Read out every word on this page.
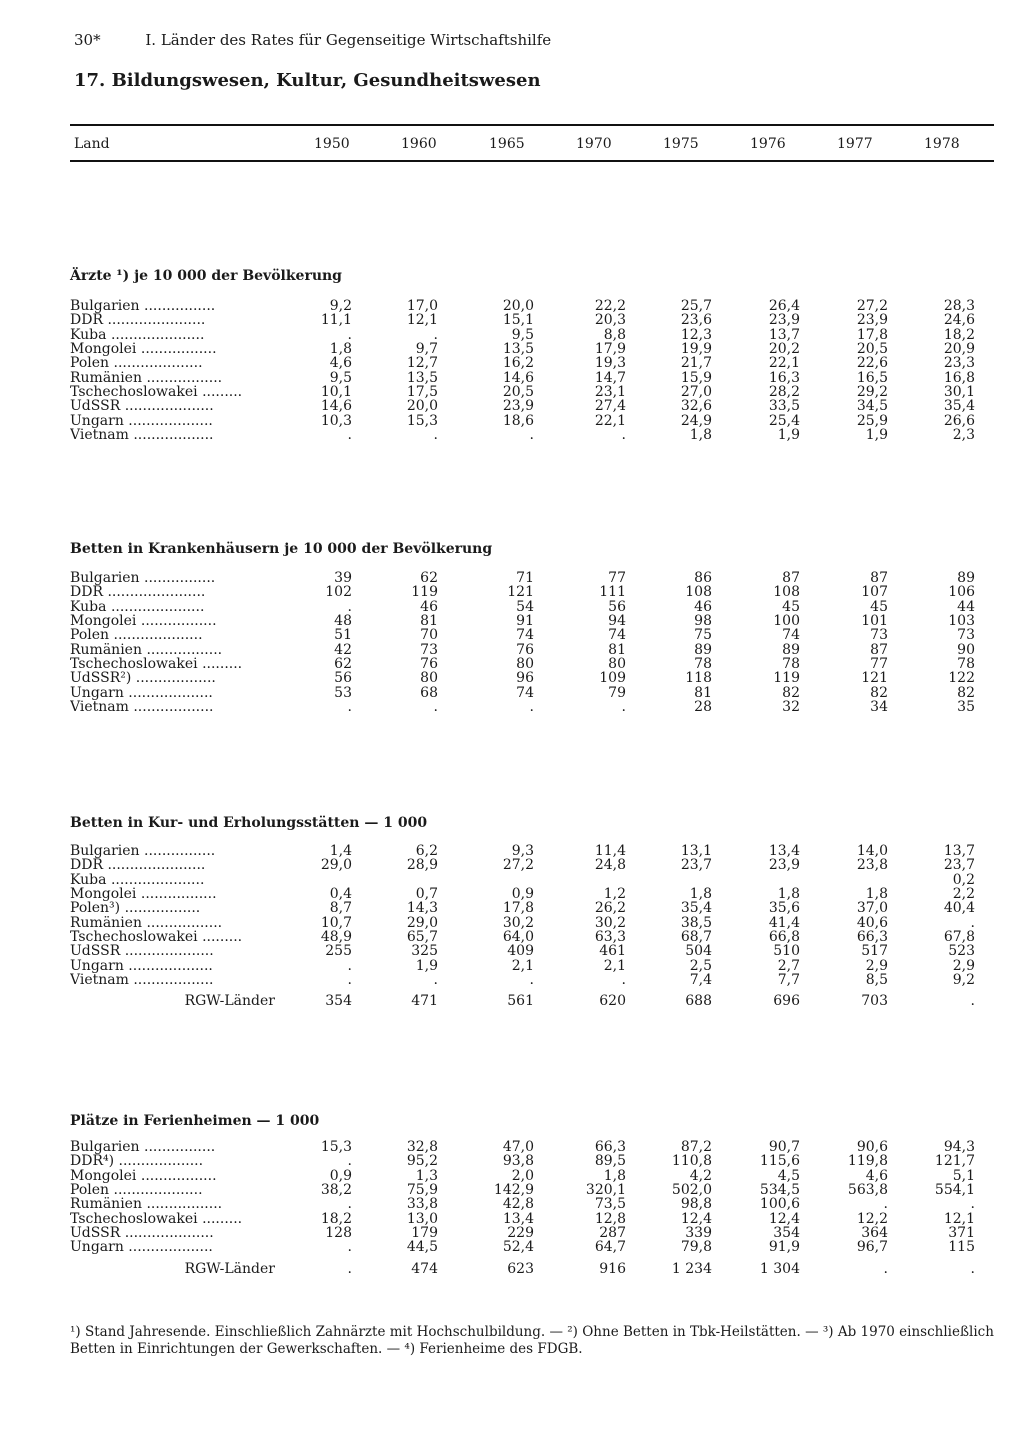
30*	I. Länder des Rates für Gegenseitige Wirtschaftshilfe
17. Bildungswesen, Kultur, Gesundheitswesen
Land	1950	1960	1965	1970	1975	1976	1977	1978
Ärzte ¹) je 10 000 der Bevölkerung
Bulgarien ................	9,2	17,0	20,0	22,2	25,7	26,4	27,2	28,3
DDR ......................	11,1	12,1	15,1	20,3	23,6	23,9	23,9	24,6
Kuba .....................	.	.	9,5	8,8	12,3	13,7	17,8	18,2
Mongolei .................	1,8	9,7	13,5	17,9	19,9	20,2	20,5	20,9
Polen ....................	4,6	12,7	16,2	19,3	21,7	22,1	22,6	23,3
Rumänien .................	9,5	13,5	14,6	14,7	15,9	16,3	16,5	16,8
Tschechoslowakei .........	10,1	17,5	20,5	23,1	27,0	28,2	29,2	30,1
UdSSR ....................	14,6	20,0	23,9	27,4	32,6	33,5	34,5	35,4
Ungarn ...................	10,3	15,3	18,6	22,1	24,9	25,4	25,9	26,6
Vietnam ..................	.	.	.	.	1,8	1,9	1,9	2,3
Betten in Krankenhäusern je 10 000 der Bevölkerung
Bulgarien ................	39	62	71	77	86	87	87	89
DDR ......................	102	119	121	111	108	108	107	106
Kuba .....................	.	46	54	56	46	45	45	44
Mongolei .................	48	81	91	94	98	100	101	103
Polen ....................	51	70	74	74	75	74	73	73
Rumänien .................	42	73	76	81	89	89	87	90
Tschechoslowakei .........	62	76	80	80	78	78	77	78
UdSSR²) ..................	56	80	96	109	118	119	121	122
Ungarn ...................	53	68	74	79	81	82	82	82
Vietnam ..................	.	.	.	.	28	32	34	35
Betten in Kur- und Erholungsstätten — 1 000
Bulgarien ................	1,4	6,2	9,3	11,4	13,1	13,4	14,0	13,7
DDR ......................	29,0	28,9	27,2	24,8	23,7	23,9	23,8	23,7
Kuba .....................								0,2
Mongolei .................	0,4	0,7	0,9	1,2	1,8	1,8	1,8	2,2
Polen³) .................	8,7	14,3	17,8	26,2	35,4	35,6	37,0	40,4
Rumänien .................	10,7	29,0	30,2	30,2	38,5	41,4	40,6	.
Tschechoslowakei .........	48,9	65,7	64,0	63,3	68,7	66,8	66,3	67,8
UdSSR ....................	255	325	409	461	504	510	517	523
Ungarn ...................	.	1,9	2,1	2,1	2,5	2,7	2,9	2,9
Vietnam ..................	.	.	.	.	7,4	7,7	8,5	9,2
RGW-Länder	354	471	561	620	688	696	703	.
Plätze in Ferienheimen — 1 000
Bulgarien ................	15,3	32,8	47,0	66,3	87,2	90,7	90,6	94,3
DDR⁴) ...................	.	95,2	93,8	89,5	110,8	115,6	119,8	121,7
Mongolei .................	0,9	1,3	2,0	1,8	4,2	4,5	4,6	5,1
Polen ....................	38,2	75,9	142,9	320,1	502,0	534,5	563,8	554,1
Rumänien .................	.	33,8	42,8	73,5	98,8	100,6	.	.
Tschechoslowakei .........	18,2	13,0	13,4	12,8	12,4	12,4	12,2	12,1
UdSSR ....................	128	179	229	287	339	354	364	371
Ungarn ...................	.	44,5	52,4	64,7	79,8	91,9	96,7	115
RGW-Länder	.	474	623	916	1 234	1 304	.	.

¹) Stand Jahresende. Einschließlich Zahnärzte mit Hochschulbildung. — ²) Ohne Betten in Tbk-Heilstätten. — ³) Ab 1970 einschließlich

Betten in Einrichtungen der Gewerkschaften. — ⁴) Ferienheime des FDGB.
